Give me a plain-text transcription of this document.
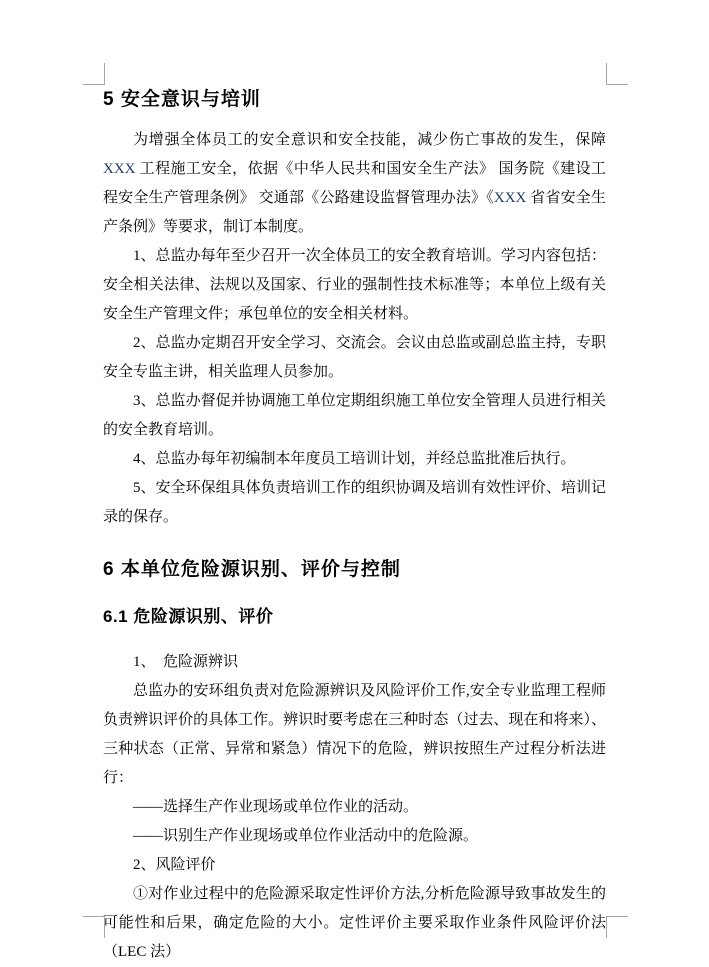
5 安全意识与培训

为增强全体员工的安全意识和安全技能，减少伤亡事故的发生，保障 XXX 工程施工安全，依据《中华人民共和国安全生产法》 国务院《建设工程安全生产管理条例》 交通部《公路建设监督管理办法》《XXX 省省安全生产条例》等要求，制订本制度。

1、总监办每年至少召开一次全体员工的安全教育培训。学习内容包括：安全相关法律、法规以及国家、行业的强制性技术标准等；本单位上级有关安全生产管理文件；承包单位的安全相关材料。

2、总监办定期召开安全学习、交流会。会议由总监或副总监主持，专职安全专监主讲，相关监理人员参加。

3、总监办督促并协调施工单位定期组织施工单位安全管理人员进行相关的安全教育培训。

4、总监办每年初编制本年度员工培训计划，并经总监批准后执行。

5、安全环保组具体负责培训工作的组织协调及培训有效性评价、培训记录的保存。

6 本单位危险源识别、评价与控制
6.1 危险源识别、评价

1、　危险源辨识

总监办的安环组负责对危险源辨识及风险评价工作,安全专业监理工程师负责辨识评价的具体工作。辨识时要考虑在三种时态（过去、现在和将来）、三种状态（正常、异常和紧急）情况下的危险，辨识按照生产过程分析法进行：

——选择生产作业现场或单位作业的活动。

——识别生产作业现场或单位作业活动中的危险源。

2、风险评价

①对作业过程中的危险源采取定性评价方法,分析危险源导致事故发生的可能性和后果，确定危险的大小。定性评价主要采取作业条件风险评价法（LEC 法）
